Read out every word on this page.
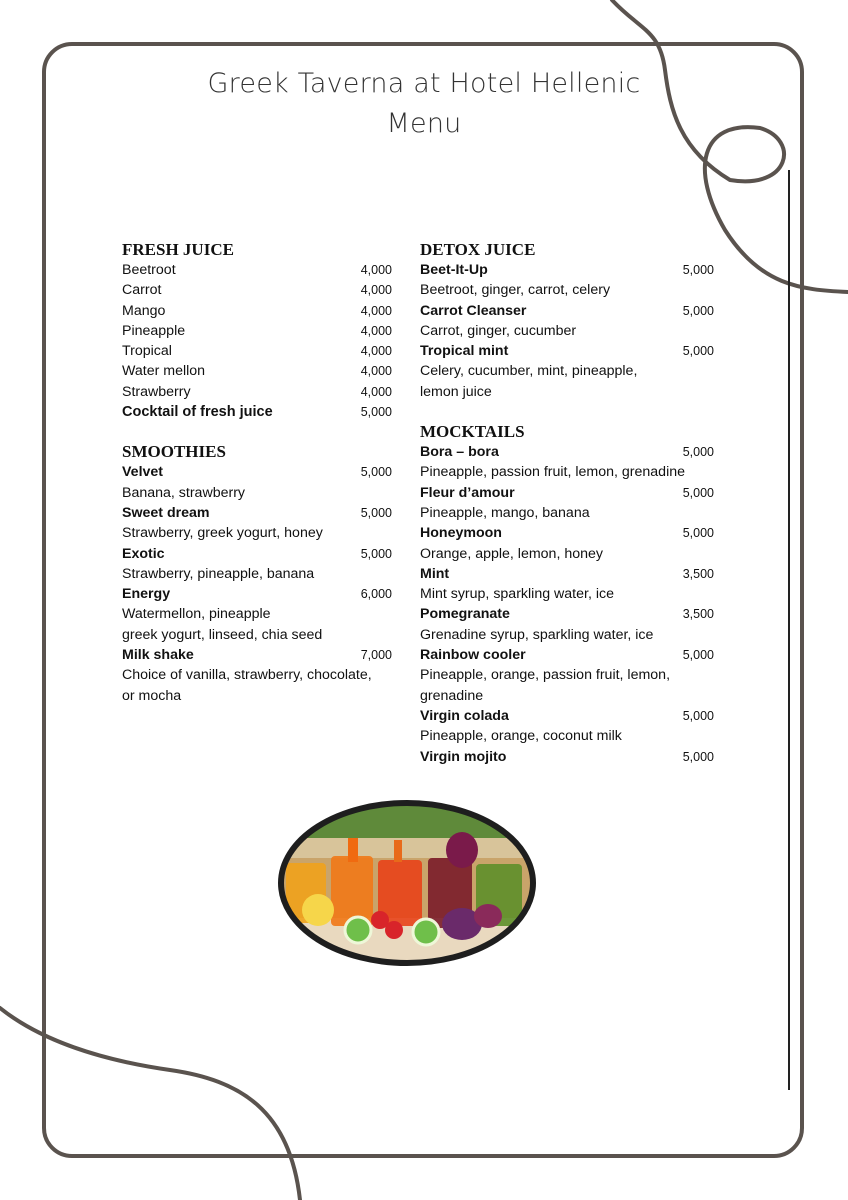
Greek Taverna at Hotel Hellenic
Menu
FRESH JUICE
Beetroot	4,000
Carrot	4,000
Mango	4,000
Pineapple	4,000
Tropical	4,000
Water mellon	4,000
Strawberry	4,000
Cocktail of fresh juice	5,000
SMOOTHIES
Velvet	5,000
Banana, strawberry
Sweet dream	5,000
Strawberry, greek yogurt, honey
Exotic	5,000
Strawberry, pineapple, banana
Energy	6,000
Watermellon, pineapple
greek yogurt, linseed, chia seed
Milk shake	7,000
Choice of vanilla, strawberry, chocolate,
or mocha
DETOX JUICE
Beet-It-Up	5,000
Beetroot, ginger, carrot, celery
Carrot Cleanser	5,000
Carrot, ginger, cucumber
Tropical mint	5,000
Celery, cucumber, mint, pineapple,
lemon juice
MOCKTAILS
Bora – bora	5,000
Pineapple, passion fruit, lemon, grenadine
Fleur d’amour	5,000
Pineapple, mango, banana
Honeymoon	5,000
Orange, apple, lemon, honey
Mint	3,500
Mint syrup, sparkling water, ice
Pomegranate	3,500
Grenadine syrup, sparkling water, ice
Rainbow cooler	5,000
Pineapple, orange, passion fruit, lemon,
grenadine
Virgin colada	5,000
Pineapple, orange, coconut milk
Virgin mojito	5,000
